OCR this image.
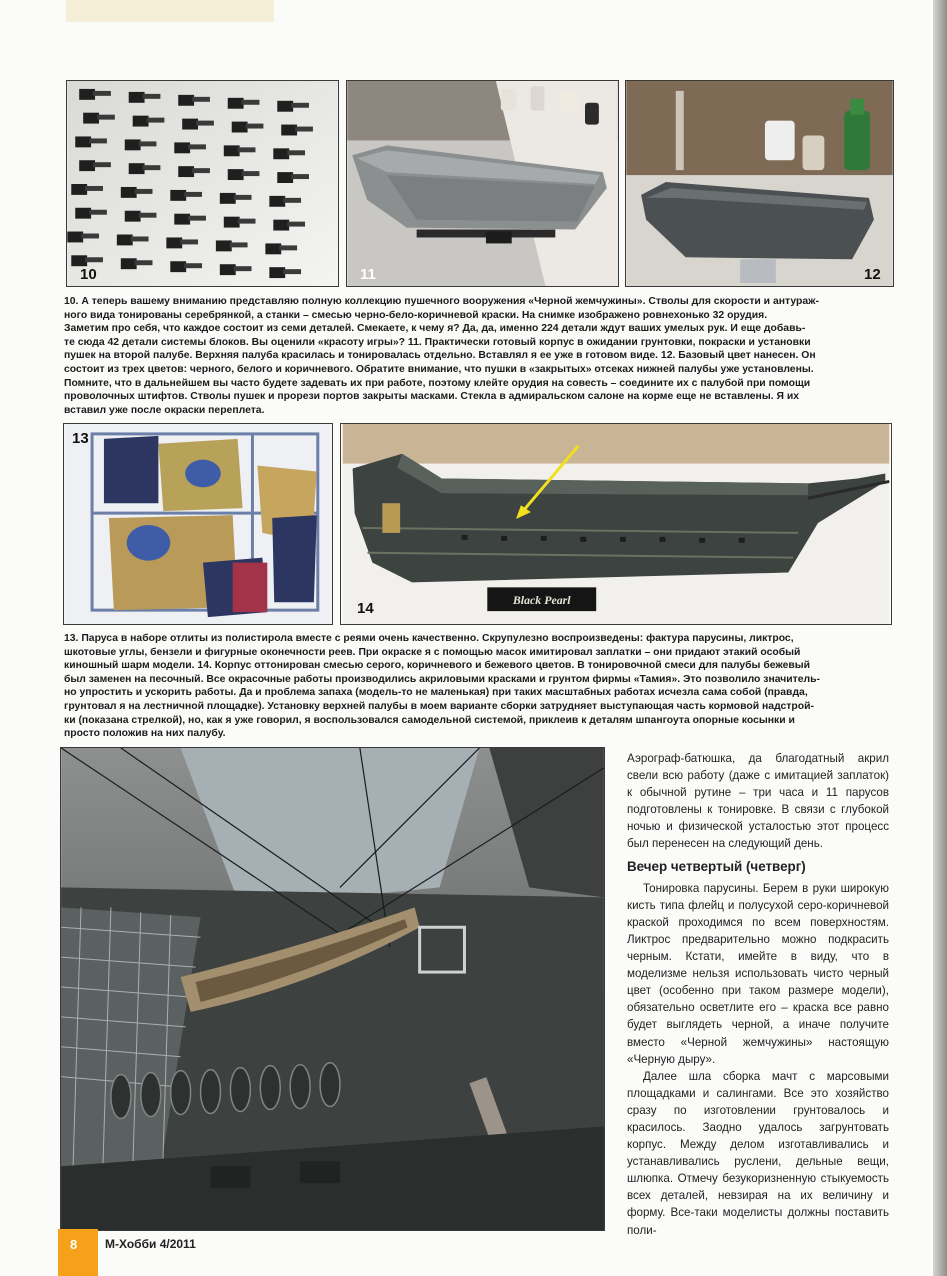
10	11	12

10. А теперь вашему вниманию представляю полную коллекцию пушечного вооружения «Черной жемчужины». Стволы для скорости и антураж-
ного вида тонированы серебрянкой, а станки – смесью черно-бело-коричневой краски. На снимке изображено ровнехонько 32 орудия.
Заметим про себя, что каждое состоит из семи деталей. Смекаете, к чему я? Да, да, именно 224 детали ждут ваших умелых рук. И еще добавь-
те сюда 42 детали системы блоков. Вы оценили «красоту игры»? 11. Практически готовый корпус в ожидании грунтовки, покраски и установки
пушек на второй палубе. Верхняя палуба красилась и тонировалась отдельно. Вставлял я ее уже в готовом виде. 12. Базовый цвет нанесен. Он
состоит из трех цветов: черного, белого и коричневого. Обратите внимание, что пушки в «закрытых» отсеках нижней палубы уже установлены.
Помните, что в дальнейшем вы часто будете задевать их при работе, поэтому клейте орудия на совесть – соедините их с палубой при помощи
проволочных штифтов. Стволы пушек и прорези портов закрыты масками. Стекла в адмиральском салоне на корме еще не вставлены. Я их
вставил уже после окраски переплета.

13
Black Pearl
14

13. Паруса в наборе отлиты из полистирола вместе с реями очень качественно. Скрупулезно воспроизведены: фактура парусины, ликтрос,
шкотовые углы, бензели и фигурные оконечности реев. При окраске я с помощью масок имитировал заплатки – они придают этакий особый
киношный шарм модели. 14. Корпус оттонирован смесью серого, коричневого и бежевого цветов. В тонировочной смеси для палубы бежевый
был заменен на песочный. Все окрасочные работы производились акриловыми красками и грунтом фирмы «Тамия». Это позволило значитель-
но упростить и ускорить работы. Да и проблема запаха (модель-то не маленькая) при таких масштабных работах исчезла сама собой (правда,
грунтовал я на лестничной площадке). Установку верхней палубы в моем варианте сборки затрудняет выступающая часть кормовой надстрой-
ки (показана стрелкой), но, как я уже говорил, я воспользовался самодельной системой, приклеив к деталям шпангоута опорные косынки и
просто положив на них палубу.

Аэрограф-батюшка, да благодатный акрил свели всю работу (даже с имитацией заплаток) к обычной рутине – три часа и 11 парусов подготовлены к тонировке. В связи с глубокой ночью и физической усталостью этот процесс был перенесен на следующий день.

Вечер четвертый (четверг)

Тонировка парусины. Берем в руки широкую кисть типа флейц и полусухой серо-коричневой краской проходимся по всем поверхностям. Ликтрос предварительно можно подкрасить черным. Кстати, имейте в виду, что в моделизме нельзя использовать чисто черный цвет (особенно при таком размере модели), обязательно осветлите его – краска все равно будет выглядеть черной, а иначе получите вместо «Черной жемчужины» настоящую «Черную дыру».

Далее шла сборка мачт с марсовыми площадками и салингами. Все это хозяйство сразу по изготовлении грунтовалось и красилось. Заодно удалось загрунтовать корпус. Между делом изготавливались и устанавливались руслени, дельные вещи, шлюпка. Отмечу безукоризненную стыкуемость всех деталей, невзирая на их величину и форму. Все-таки моделисты должны поставить поли-

8 М-Хобби 4/2011
